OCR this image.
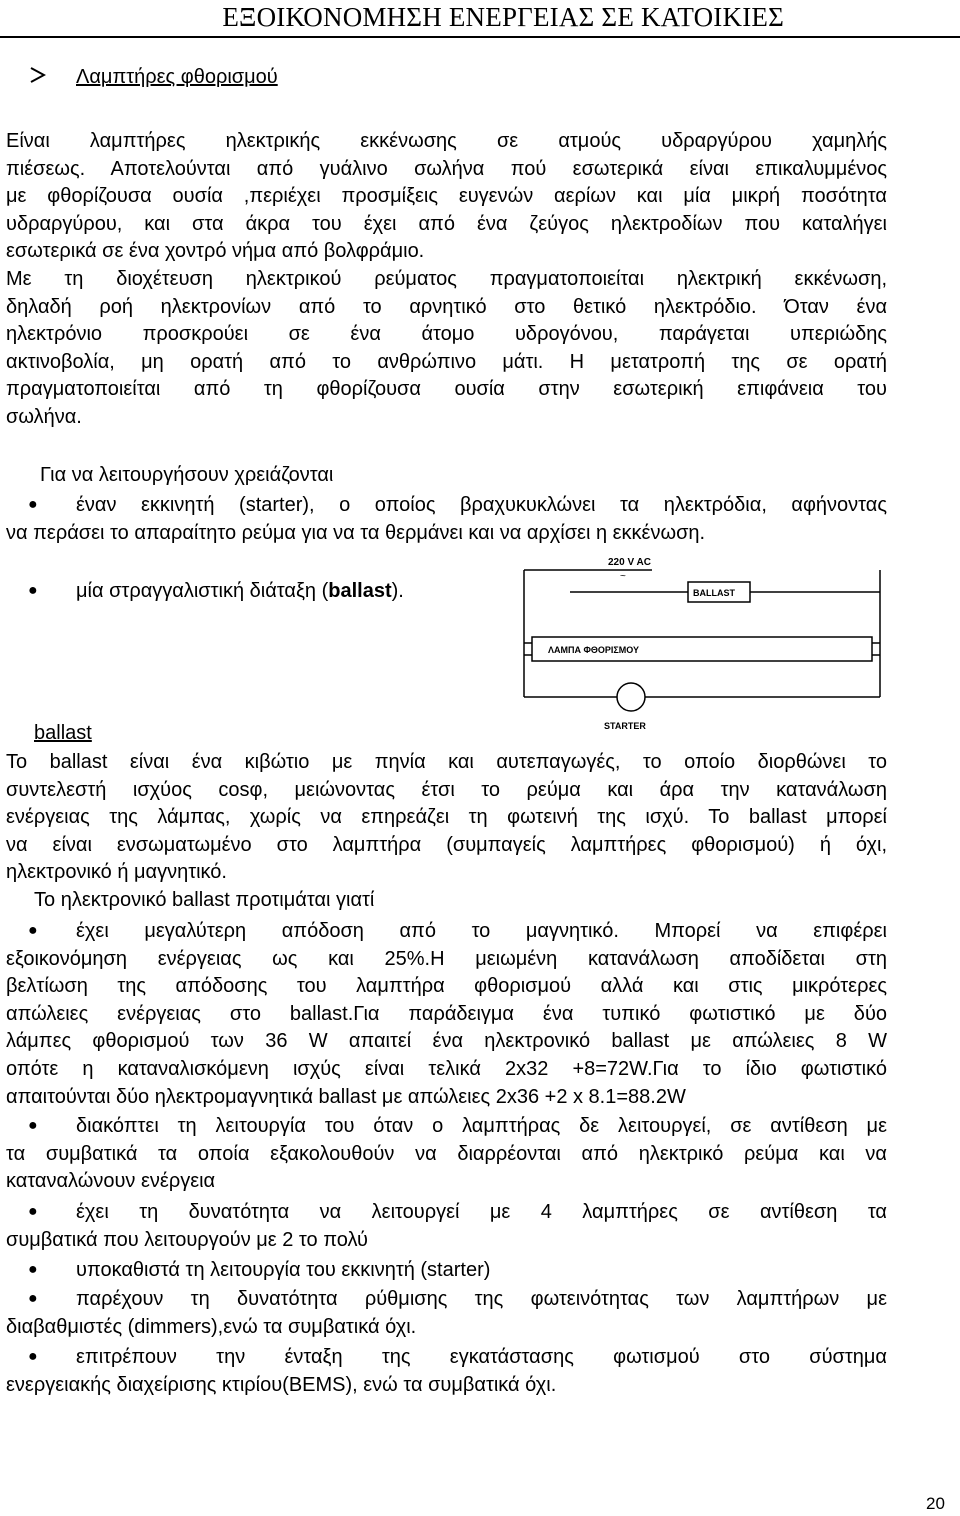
ΕΞΟΙΚΟΝΟΜΗΣΗ ΕΝΕΡΓΕΙΑΣ ΣΕ ΚΑΤΟΙΚΙΕΣ
Λαμπτήρες φθορισμού
Είναι λαμπτήρες ηλεκτρικής εκκένωσης σε ατμούς υδραργύρου χαμηλής
πιέσεως. Αποτελούνται από γυάλινο σωλήνα πού εσωτερικά είναι επικαλυμμένος
με φθορίζουσα ουσία ,περιέχει προσμίξεις ευγενών αερίων και μία μικρή ποσότητα
υδραργύρου, και στα άκρα του έχει από ένα ζεύγος ηλεκτροδίων που καταλήγει
εσωτερικά σε ένα χοντρό νήμα από βολφράμιο.
Με τη διοχέτευση ηλεκτρικού ρεύματος πραγματοποιείται ηλεκτρική εκκένωση,
δηλαδή ροή ηλεκτρονίων από το αρνητικό στο θετικό ηλεκτρόδιο. Όταν ένα
ηλεκτρόνιο προσκρούει σε ένα άτομο υδρογόνου, παράγεται υπεριώδης
ακτινοβολία, μη ορατή από το ανθρώπινο μάτι. Η μετατροπή της σε ορατή
πραγματοποιείται από τη φθορίζουσα ουσία στην εσωτερική επιφάνεια του
σωλήνα.
Για να λειτουργήσουν χρειάζονται
●	έναν εκκινητή (starter), ο οποίος βραχυκυκλώνει τα ηλεκτρόδια, αφήνοντας
να περάσει το απαραίτητο ρεύμα για να τα θερμάνει και να αρχίσει η εκκένωση.
●	μία στραγγαλιστική διάταξη (ballast).
220 V AC
~
BALLAST
ΛΑΜΠΑ ΦΘΟΡΙΣΜΟΥ
STARTER
ballast
Το ballast είναι ένα κιβώτιο με πηνία και αυτεπαγωγές, το οποίο διορθώνει το
συντελεστή ισχύος cosφ, μειώνοντας έτσι το ρεύμα και άρα την κατανάλωση
ενέργειας της λάμπας, χωρίς να επηρεάζει τη φωτεινή της ισχύ. Το ballast μπορεί
να είναι ενσωματωμένο στο λαμπτήρα (συμπαγείς λαμπτήρες φθορισμού) ή όχι,
ηλεκτρονικό ή μαγνητικό.
Το ηλεκτρονικό ballast προτιμάται γιατί
●	έχει μεγαλύτερη απόδοση από το μαγνητικό. Μπορεί να επιφέρει
εξοικονόμηση ενέργειας ως και 25%.Η μειωμένη κατανάλωση αποδίδεται στη
βελτίωση της απόδοσης του λαμπτήρα φθορισμού αλλά και στις μικρότερες
απώλειες ενέργειας στο ballast.Για παράδειγμα ένα τυπικό φωτιστικό με δύο
λάμπες φθορισμού των 36 W απαιτεί ένα ηλεκτρονικό ballast με απώλειες 8 W
οπότε η καταναλισκόμενη ισχύς είναι τελικά 2x32 +8=72W.Για το ίδιο φωτιστικό
απαιτούνται δύο ηλεκτρομαγνητικά ballast με απώλειες 2x36 +2 x 8.1=88.2W
●	διακόπτει τη λειτουργία του όταν ο λαμπτήρας δε λειτουργεί, σε αντίθεση με
τα συμβατικά τα οποία εξακολουθούν να διαρρέονται από ηλεκτρικό ρεύμα και να
καταναλώνουν ενέργεια
●	έχει τη δυνατότητα να λειτουργεί με 4 λαμπτήρες σε αντίθεση τα
συμβατικά που λειτουργούν με 2 το πολύ
●	υποκαθιστά τη λειτουργία του εκκινητή (starter)
●	παρέχουν τη δυνατότητα ρύθμισης της φωτεινότητας των λαμπτήρων με
διαβαθμιστές (dimmers),ενώ τα συμβατικά όχι.
●	επιτρέπουν την ένταξη της εγκατάστασης φωτισμού στο σύστημα
ενεργειακής διαχείρισης κτιρίου(BEMS), ενώ τα συμβατικά όχι.
20
